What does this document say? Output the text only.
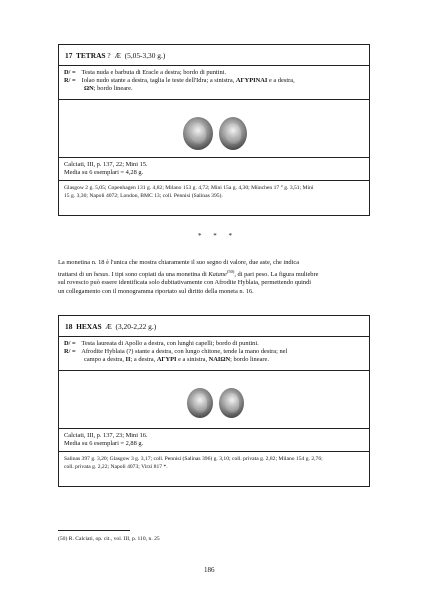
17 TETRAS ? Æ (5,05-3,30 g.)
D/ = Testa nuda e barbuta di Eracle a destra; bordo di puntini.
R/ = Iolao nudo stante a destra, taglia le teste dell'Idra; a sinistra, ΑΓΥΡΙΝΑΙ e a destra,
ΩΝ; bordo lineare.
Calciati, III, p. 137, 22; Mini 15.
Media su 6 esemplari = 4,28 g.
Glasgow 2 g. 5,05; Copenhagen 131 g. 4,82; Milano 153 g. 4,72; Mini 15a g. 4,30; München 17 ° g. 3,51; Mini
15 g. 3,30; Napoli 4072; London, BMC 13; coll. Pennisi (Salinas 395).
* * *
La monetina n. 18 è l'unica che mostra chiaramente il suo segno di valore, due aste, che indica
trattarsi di un hexas. I tipi sono copiati da una monetina di Katane$^{(50)}$, di pari peso. La figura muliebre
sul rovescio può essere identificata solo dubitativamente con Afrodite Hyblaia, permettendo quindi
un collegamento con il monogramma riportato sul diritto della moneta n. 16.
18 HEXAS Æ (3,20-2,22 g.)
D/ = Testa laureata di Apollo a destra, con lunghi capelli; bordo di puntini.
R/ = Afrodite Hyblaia (?) stante a destra, con lungo chitone, tende la mano destra; nel
campo a destra, II; a destra, ΑΓΥΡΙ e a sinistra, ΝΑΙΩΝ; bordo lineare.
Calciati, III, p. 137, 23; Mini 16.
Media su 6 esemplari = 2,88 g.
Salinas 397 g. 3,20; Glasgow 3 g. 3,17; coll. Pennisi (Salinas 396) g. 3,10; coll. privata g. 2,82; Milano 154 g. 2,76;
coll. privata g. 2,22; Napoli 4073; Virzì 817 *.
(50) R. Calciati, op. cit., vol. III, p. 110, n. 25
186
